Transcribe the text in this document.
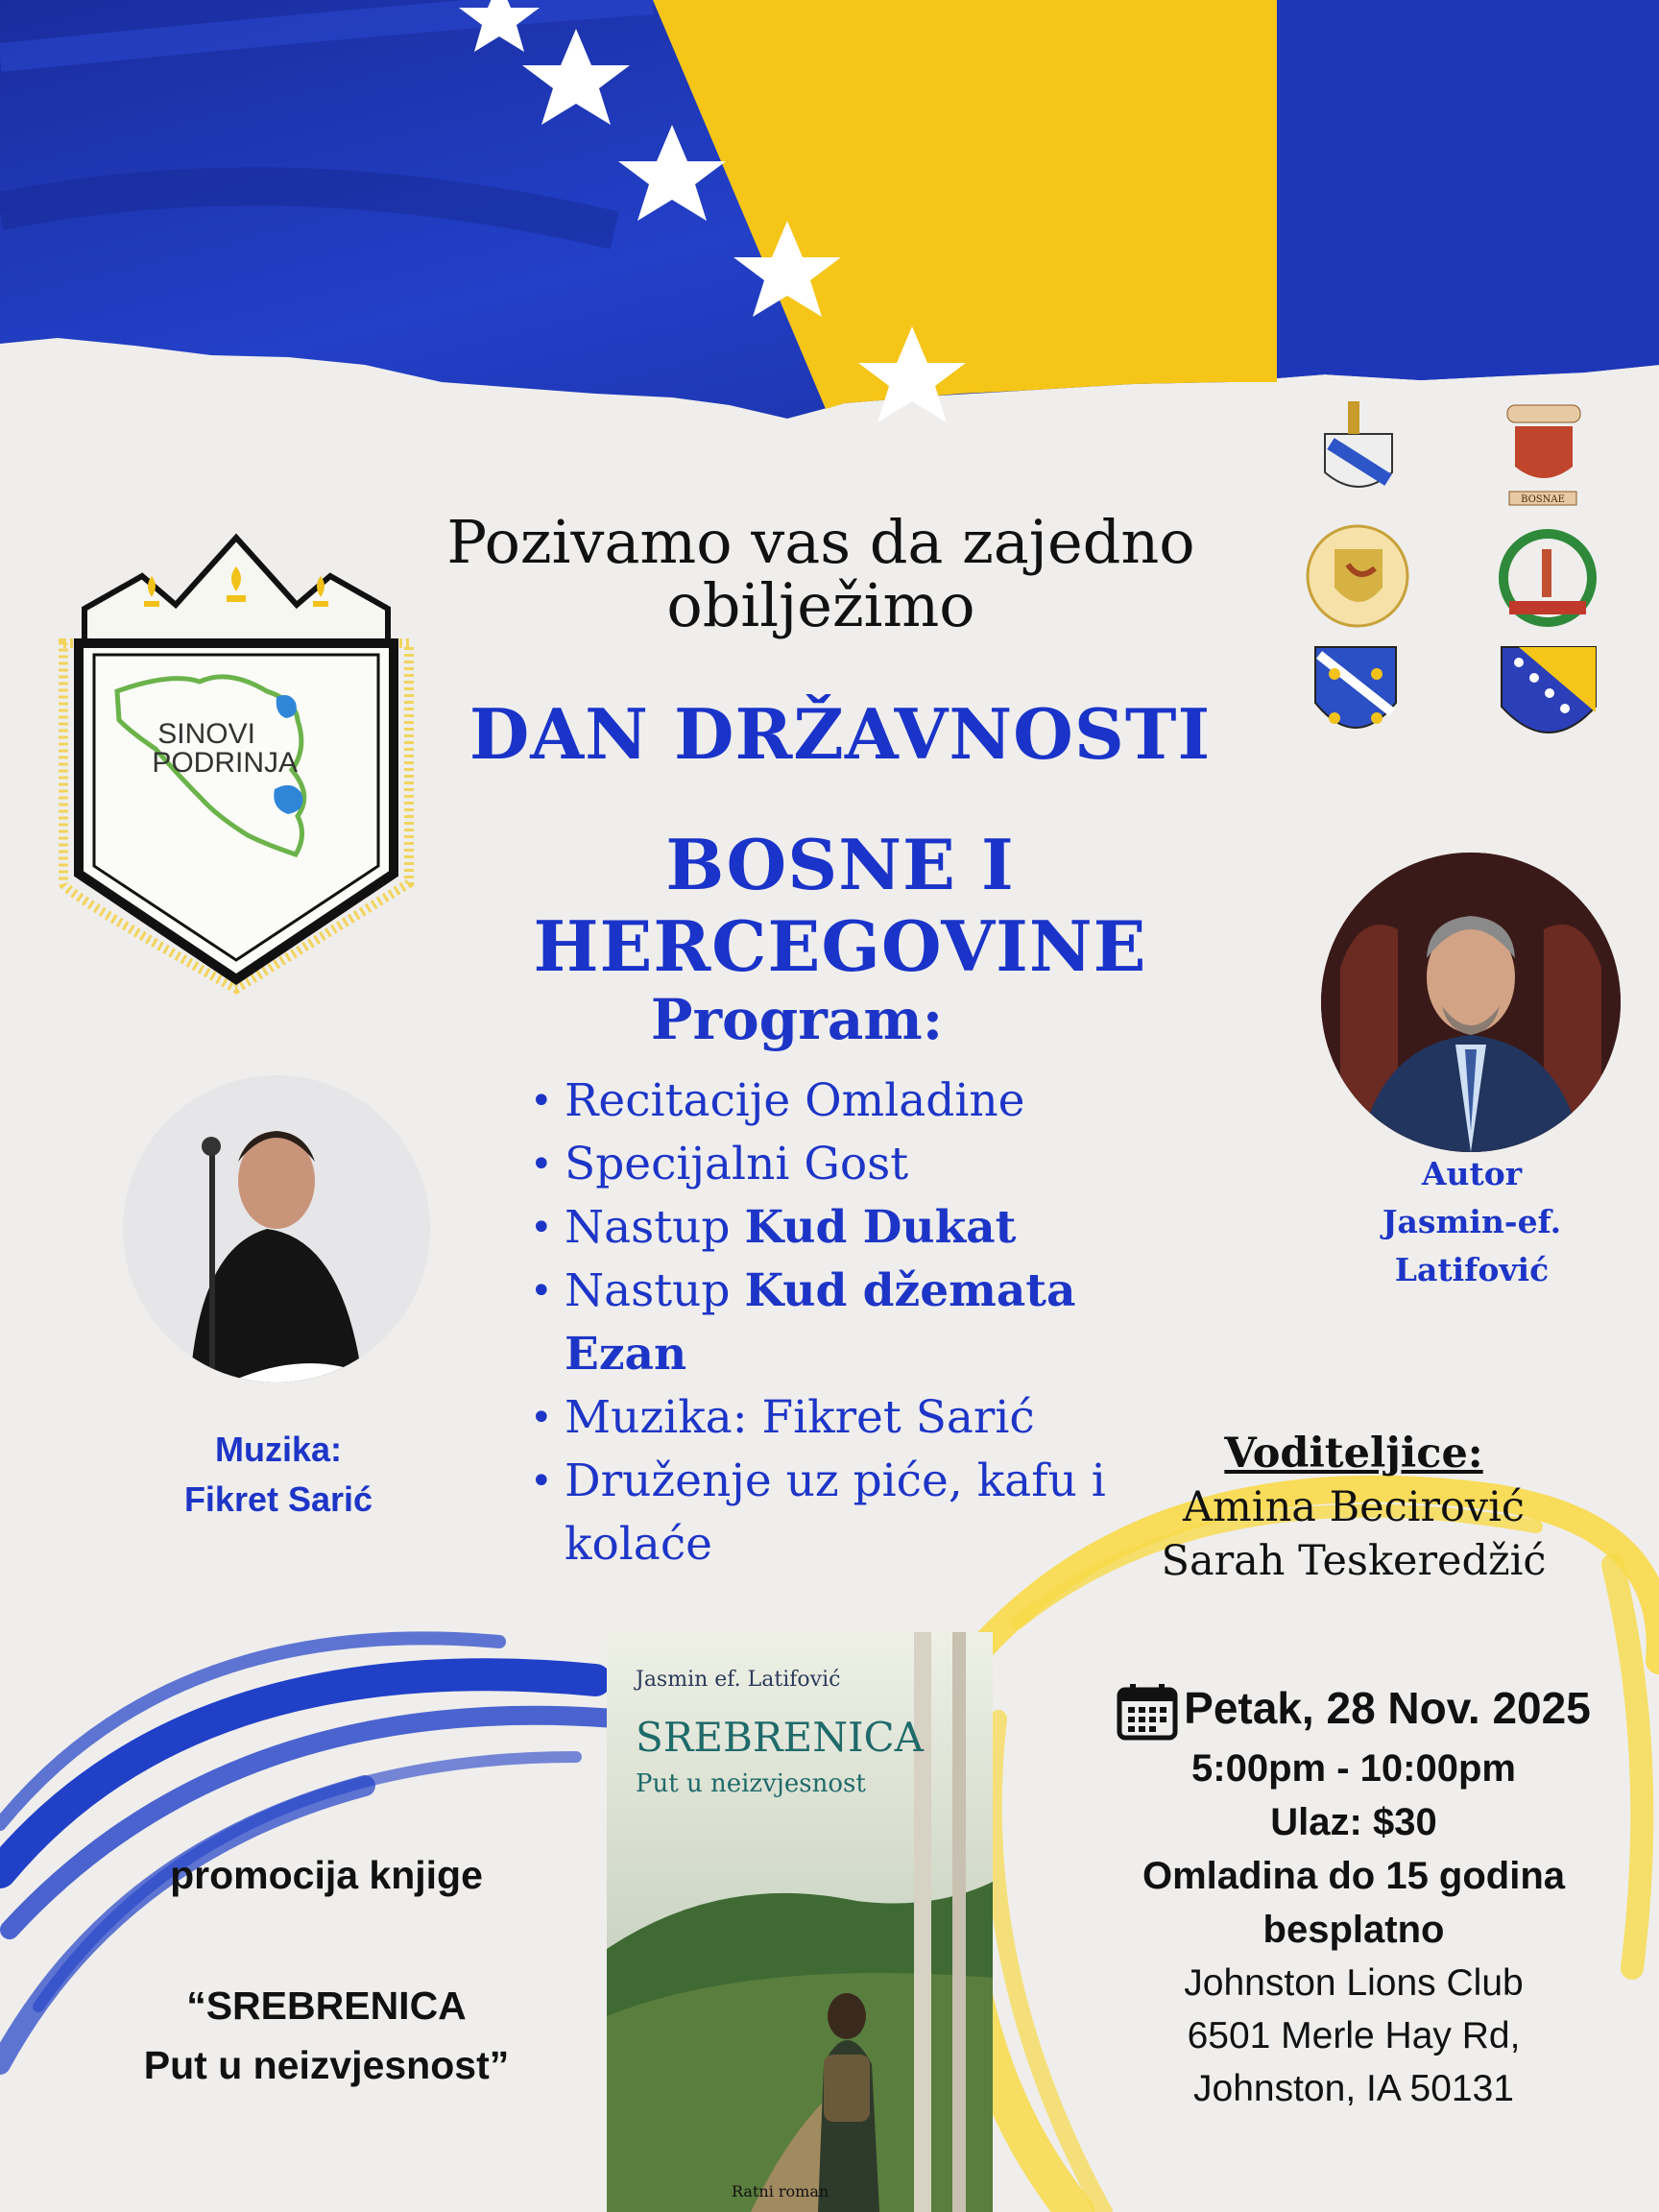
Pozivamo vas da zajedno obilježimo
DAN DRŽAVNOSTI
BOSNE I HERCEGOVINE
SINOVI
PODRINJA
BOSNAE
Program:
• Recitacije Omladine
• Specijalni Gost
• Nastup Kud Dukat
• Nastup Kud džemata Ezan
• Muzika: Fikret Sarić
• Druženje uz piće, kafu i kolaće
Muzika:
Fikret Sarić
Autor
Jasmin-ef.
Latifović
Jasmin ef. Latifović
SREBRENICA
Put u neizvjesnost
Ratni roman
promocija knjige
“SREBRENICA
Put u neizvjesnost”
Voditeljice:
Amina Becirović
Sarah Teskeredžić
Petak, 28 Nov. 2025
5:00pm - 10:00pm
Ulaz: $30
Omladina do 15 godina besplatno
Johnston Lions Club
6501 Merle Hay Rd,
Johnston, IA 50131
